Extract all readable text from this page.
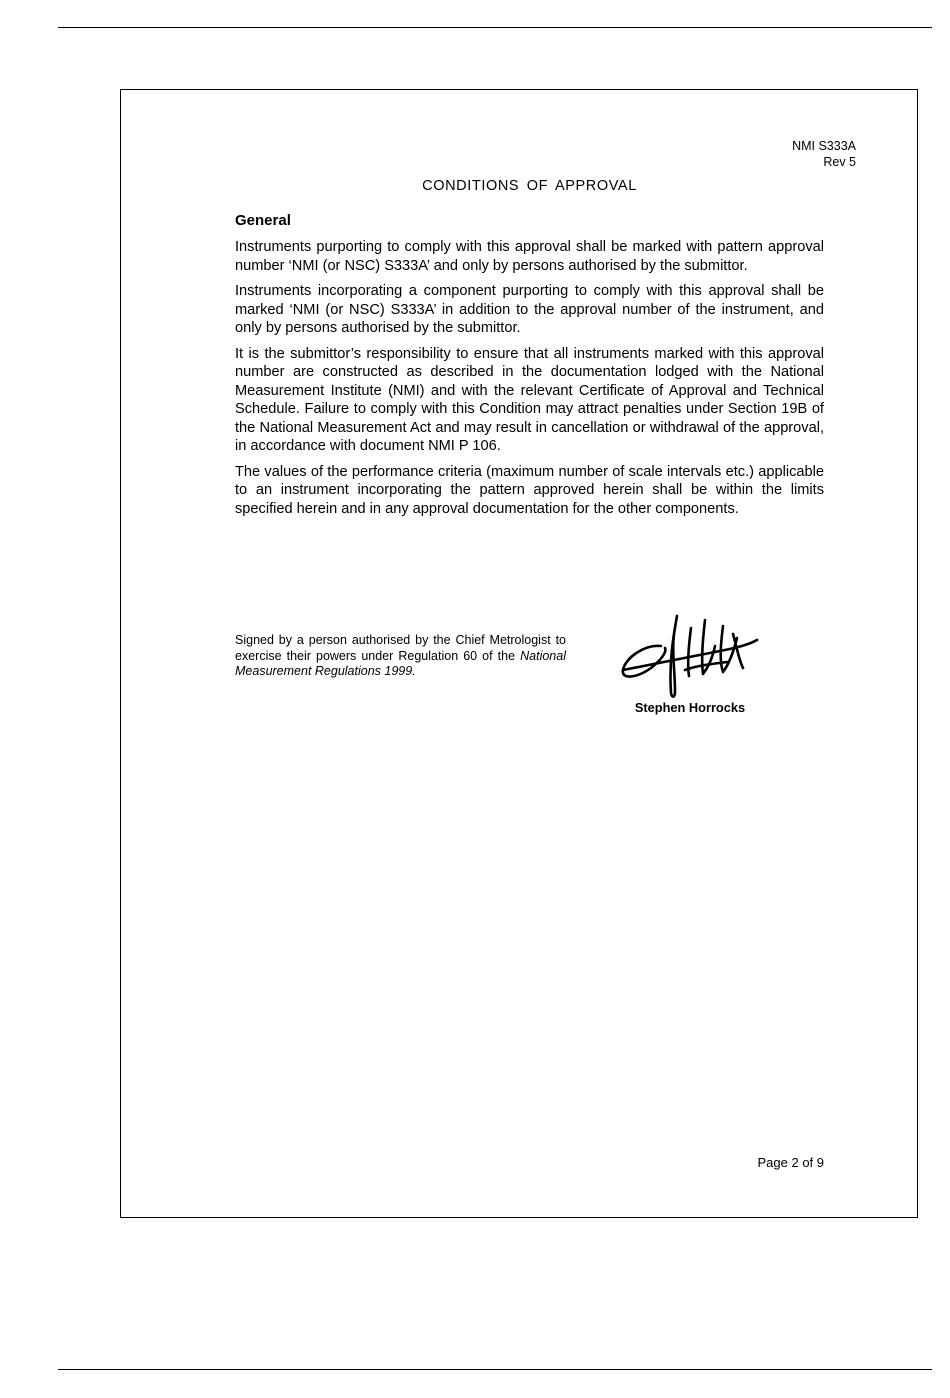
NMI S333A
Rev 5
CONDITIONS OF APPROVAL
General

Instruments purporting to comply with this approval shall be marked with pattern approval number ‘NMI (or NSC) S333A’ and only by persons authorised by the submittor.

Instruments incorporating a component purporting to comply with this approval shall be marked ‘NMI (or NSC) S333A’ in addition to the approval number of the instrument, and only by persons authorised by the submittor.

It is the submittor’s responsibility to ensure that all instruments marked with this approval number are constructed as described in the documentation lodged with the National Measurement Institute (NMI) and with the relevant Certificate of Approval and Technical Schedule. Failure to comply with this Condition may attract penalties under Section 19B of the National Measurement Act and may result in cancellation or withdrawal of the approval, in accordance with document NMI P 106.

The values of the performance criteria (maximum number of scale intervals etc.) applicable to an instrument incorporating the pattern approved herein shall be within the limits specified herein and in any approval documentation for the other components.

Signed by a person authorised by the Chief Metrologist to exercise their powers under Regulation 60 of the National Measurement Regulations 1999.
Stephen Horrocks
Page 2 of 9
